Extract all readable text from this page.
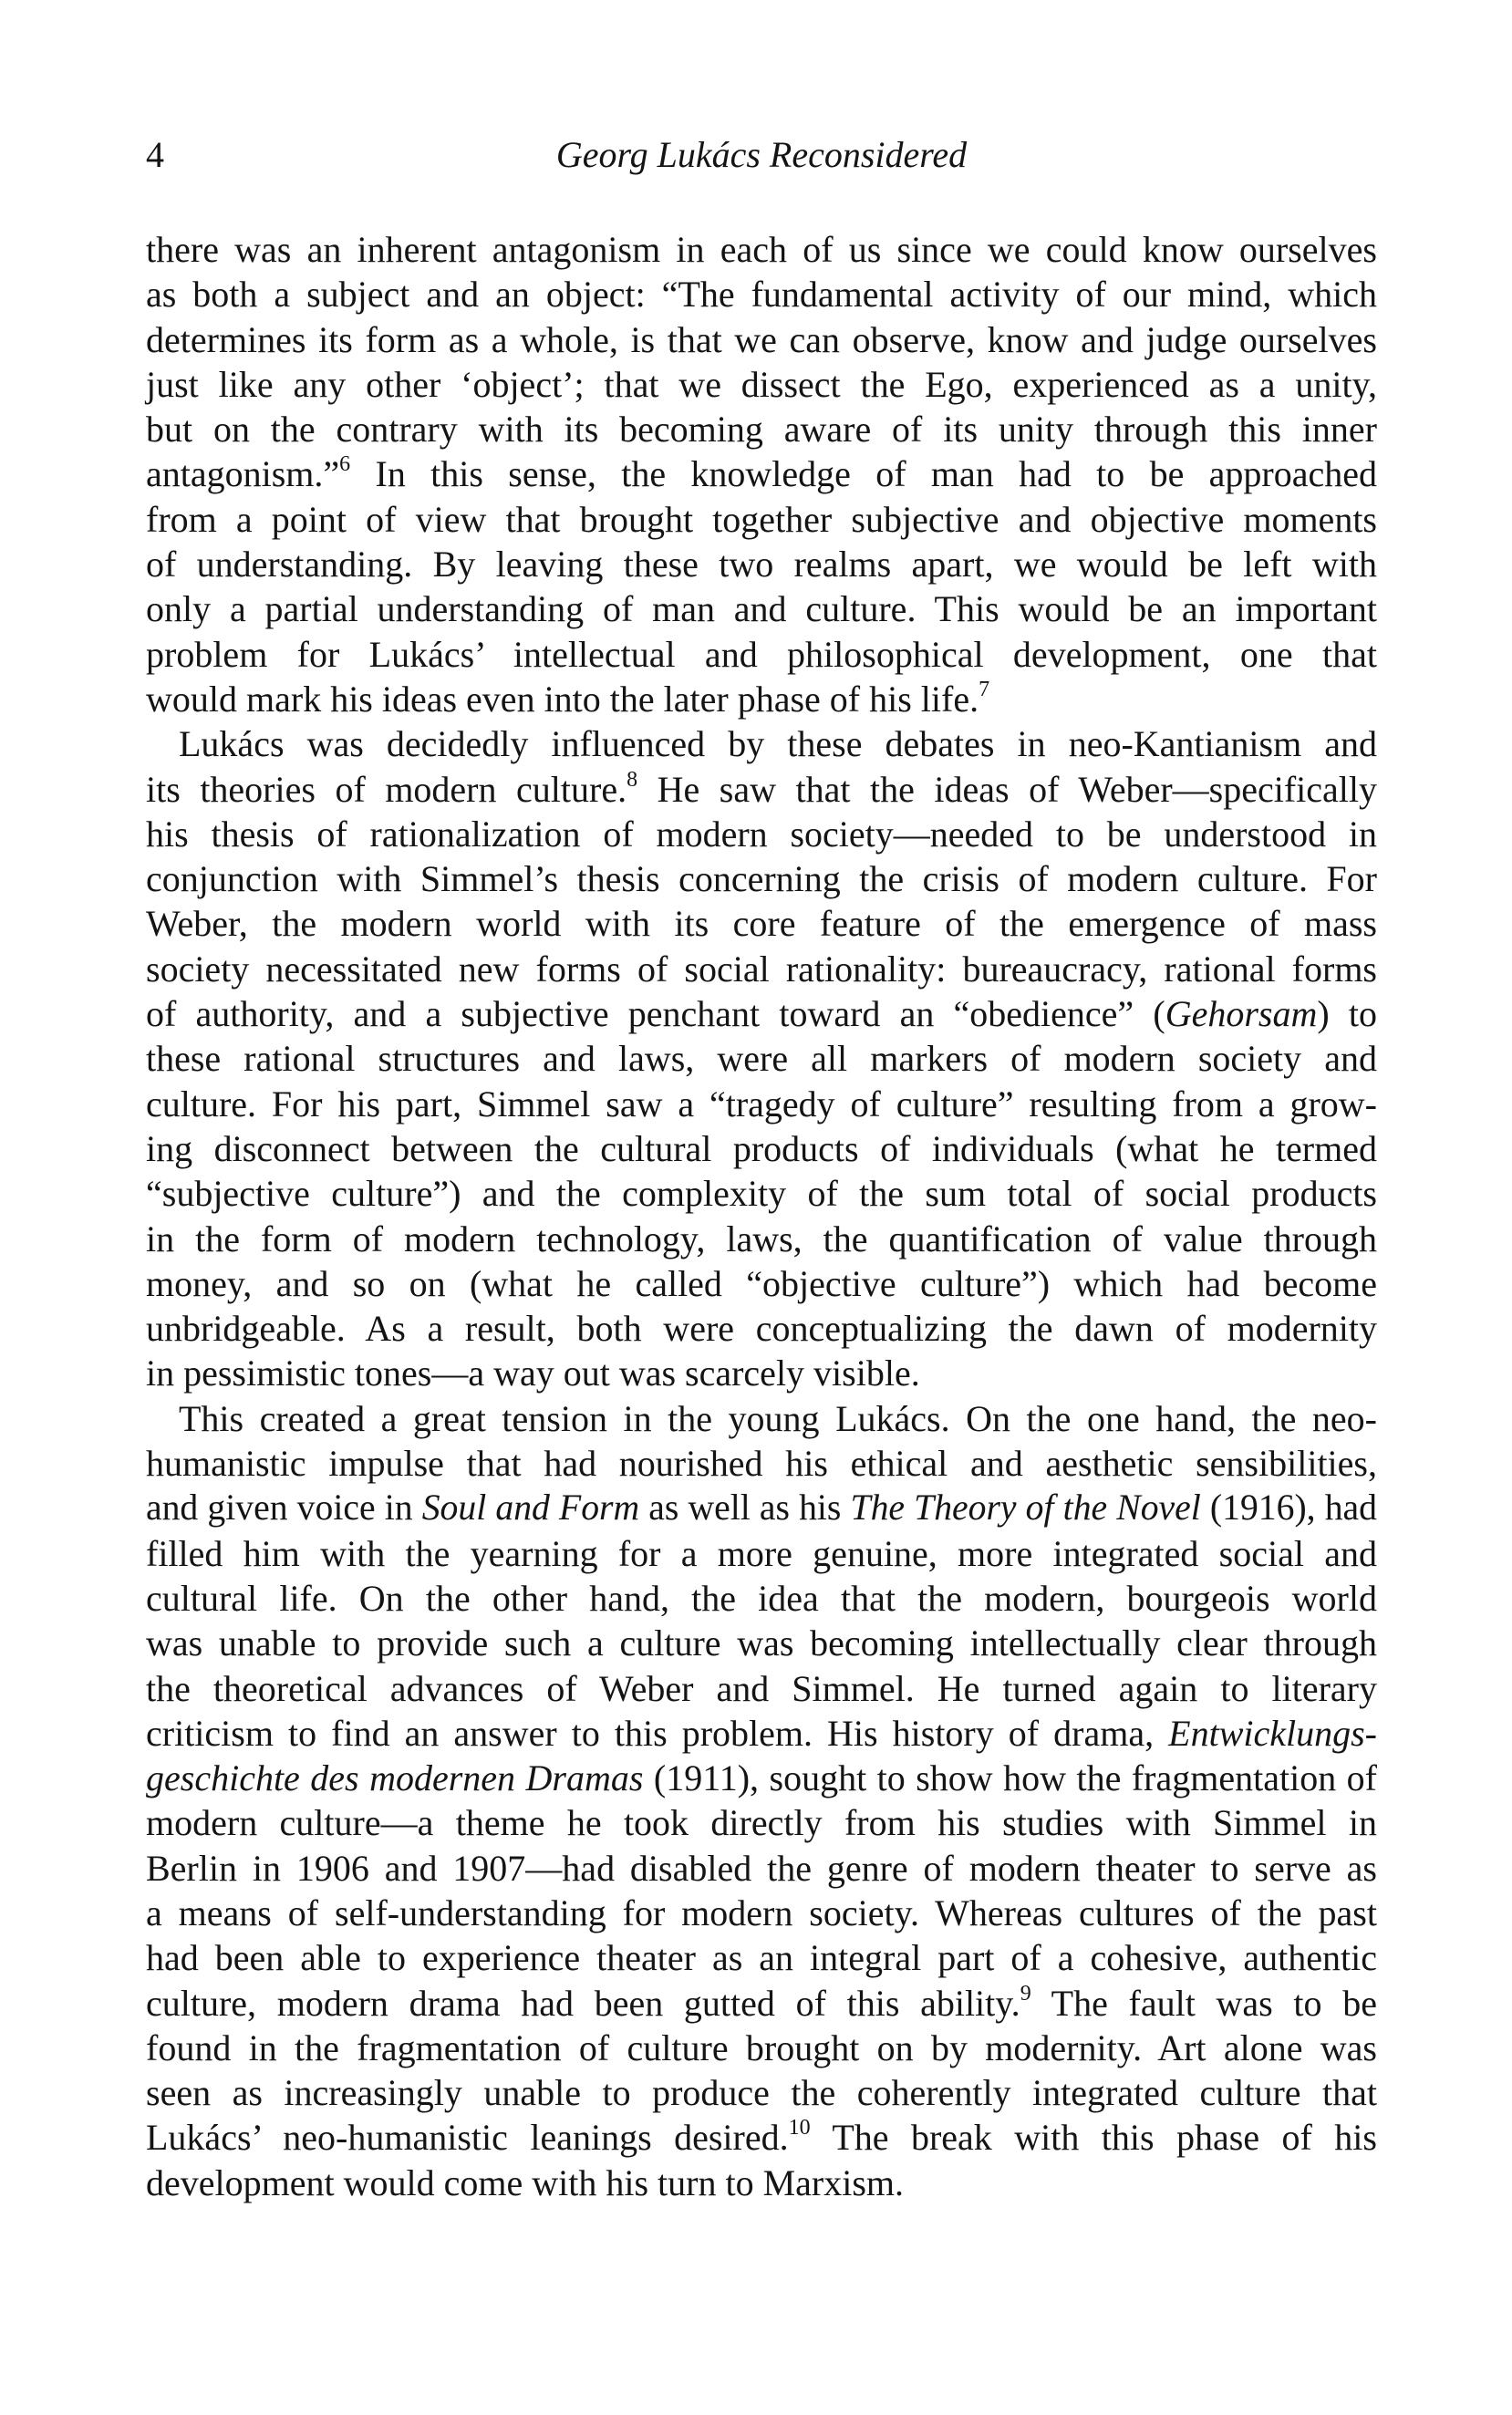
4	Georg Lukács Reconsidered
there was an inherent antagonism in each of us since we could know ourselves
as both a subject and an object: “The fundamental activity of our mind, which
determines its form as a whole, is that we can observe, know and judge ourselves
just like any other ‘object’; that we dissect the Ego, experienced as a unity,
but on the contrary with its becoming aware of its unity through this inner
antagonism.”$^6$ In this sense, the knowledge of man had to be approached
from a point of view that brought together subjective and objective moments
of understanding. By leaving these two realms apart, we would be left with
only a partial understanding of man and culture. This would be an important
problem for Lukács’ intellectual and philosophical development, one that
would mark his ideas even into the later phase of his life.$^7$
Lukács was decidedly influenced by these debates in neo-Kantianism and
its theories of modern culture.$^8$ He saw that the ideas of Weber—specifically
his thesis of rationalization of modern society—needed to be understood in
conjunction with Simmel’s thesis concerning the crisis of modern culture. For
Weber, the modern world with its core feature of the emergence of mass
society necessitated new forms of social rationality: bureaucracy, rational forms
of authority, and a subjective penchant toward an “obedience” (Gehorsam) to
these rational structures and laws, were all markers of modern society and
culture. For his part, Simmel saw a “tragedy of culture” resulting from a grow-
ing disconnect between the cultural products of individuals (what he termed
“subjective culture”) and the complexity of the sum total of social products
in the form of modern technology, laws, the quantification of value through
money, and so on (what he called “objective culture”) which had become
unbridgeable. As a result, both were conceptualizing the dawn of modernity
in pessimistic tones—a way out was scarcely visible.
This created a great tension in the young Lukács. On the one hand, the neo-
humanistic impulse that had nourished his ethical and aesthetic sensibilities,
and given voice in Soul and Form as well as his The Theory of the Novel (1916), had
filled him with the yearning for a more genuine, more integrated social and
cultural life. On the other hand, the idea that the modern, bourgeois world
was unable to provide such a culture was becoming intellectually clear through
the theoretical advances of Weber and Simmel. He turned again to literary
criticism to find an answer to this problem. His history of drama, Entwicklungs-
geschichte des modernen Dramas (1911), sought to show how the fragmentation of
modern culture—a theme he took directly from his studies with Simmel in
Berlin in 1906 and 1907—had disabled the genre of modern theater to serve as
a means of self-understanding for modern society. Whereas cultures of the past
had been able to experience theater as an integral part of a cohesive, authentic
culture, modern drama had been gutted of this ability.$^9$ The fault was to be
found in the fragmentation of culture brought on by modernity. Art alone was
seen as increasingly unable to produce the coherently integrated culture that
Lukács’ neo-humanistic leanings desired.$^{10}$ The break with this phase of his
development would come with his turn to Marxism.
